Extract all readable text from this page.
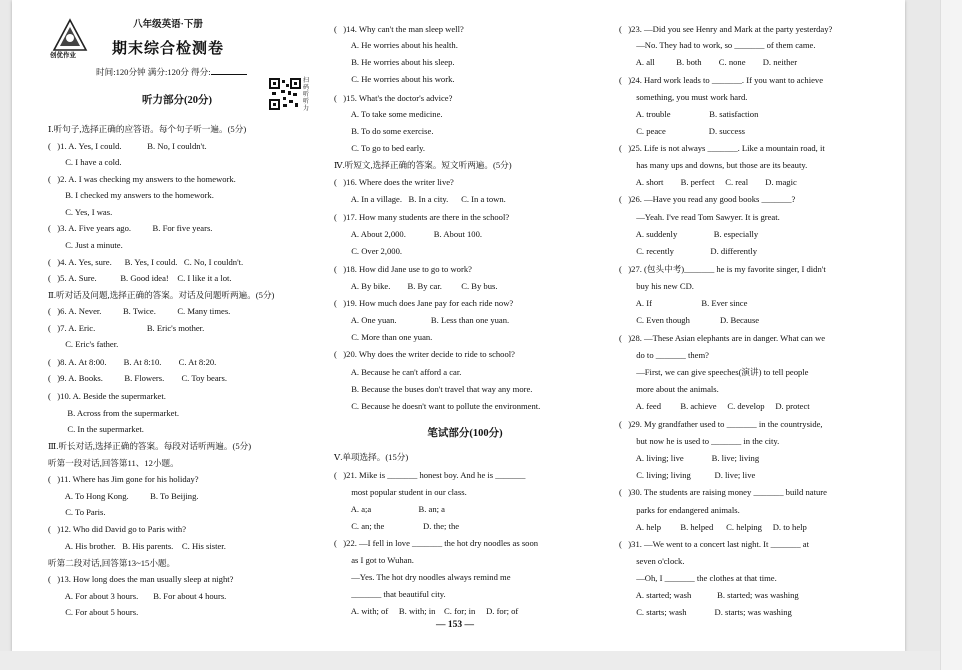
创优作业
八年级英语·下册
期末综合检测卷
时间:120分钟 满分:120分 得分:
扫码听听力
听力部分(20分)
Ⅰ.听句子,选择正确的应答语。每个句子听一遍。(5分)
(   )1. A. Yes, I could.            B. No, I couldn't.
C. I have a cold.
(   )2. A. I was checking my answers to the homework.
B. I checked my answers to the homework.
C. Yes, I was.
(   )3. A. Five years ago.          B. For five years.
C. Just a minute.
(   )4. A. Yes, sure.      B. Yes, I could.   C. No, I couldn't.
(   )5. A. Sure.           B. Good idea!    C. I like it a lot.
Ⅱ.听对话及问题,选择正确的答案。对话及问题听两遍。(5分)
(   )6. A. Never.          B. Twice.          C. Many times.
(   )7. A. Eric.                        B. Eric's mother.
C. Eric's father.
(   )8. A. At 8:00.        B. At 8:10.        C. At 8:20.
(   )9. A. Books.          B. Flowers.        C. Toy bears.
(   )10. A. Beside the supermarket.
B. Across from the supermarket.
C. In the supermarket.
Ⅲ.听长对话,选择正确的答案。每段对话听两遍。(5分)
听第一段对话,回答第11、12小题。
(   )11. Where has Jim gone for his holiday?
A. To Hong Kong.          B. To Beijing.
C. To Paris.
(   )12. Who did David go to Paris with?
A. His brother.   B. His parents.    C. His sister.
听第二段对话,回答第13~15小题。
(   )13. How long does the man usually sleep at night?
A. For about 3 hours.       B. For about 4 hours.
C. For about 5 hours.
(   )14. Why can't the man sleep well?
A. He worries about his health.
B. He worries about his sleep.
C. He worries about his work.
(   )15. What's the doctor's advice?
A. To take some medicine.
B. To do some exercise.
C. To go to bed early.
Ⅳ.听短文,选择正确的答案。短文听两遍。(5分)
(   )16. Where does the writer live?
A. In a village.   B. In a city.      C. In a town.
(   )17. How many students are there in the school?
A. About 2,000.             B. About 100.
C. Over 2,000.
(   )18. How did Jane use to go to work?
A. By bike.        B. By car.         C. By bus.
(   )19. How much does Jane pay for each ride now?
A. One yuan.                B. Less than one yuan.
C. More than one yuan.
(   )20. Why does the writer decide to ride to school?
A. Because he can't afford a car.
B. Because the buses don't travel that way any more.
C. Because he doesn't want to pollute the environment.
笔试部分(100分)
Ⅴ.单项选择。(15分)
(   )21. Mike is _______ honest boy. And he is _______
most popular student in our class.
A. a;a                      B. an; a
C. an; the                  D. the; the
(   )22. —I fell in love _______ the hot dry noodles as soon
as I got to Wuhan.
—Yes. The hot dry noodles always remind me
_______ that beautiful city.
A. with; of     B. with; in    C. for; in     D. for; of
(   )23. —Did you see Henry and Mark at the party yesterday?
—No. They had to work, so _______ of them came.
A. all          B. both        C. none        D. neither
(   )24. Hard work leads to _______. If you want to achieve
something, you must work hard.
A. trouble                  B. satisfaction
C. peace                    D. success
(   )25. Life is not always _______. Like a mountain road, it
has many ups and downs, but those are its beauty.
A. short        B. perfect     C. real        D. magic
(   )26. —Have you read any good books _______?
—Yeah. I've read Tom Sawyer. It is great.
A. suddenly                 B. especially
C. recently                 D. differently
(   )27. (包头中考)_______ he is my favorite singer, I didn't
buy his new CD.
A. If                       B. Ever since
C. Even though              D. Because
(   )28. —These Asian elephants are in danger. What can we
do to _______ them?
—First, we can give speeches(演讲) to tell people
more about the animals.
A. feed         B. achieve     C. develop     D. protect
(   )29. My grandfather used to _______ in the countryside,
but now he is used to _______ in the city.
A. living; live             B. live; living
C. living; living           D. live; live
(   )30. The students are raising money _______ build nature
parks for endangered animals.
A. help         B. helped      C. helping     D. to help
(   )31. —We went to a concert last night. It _______ at
seven o'clock.
—Oh, I _______ the clothes at that time.
A. started; wash            B. started; was washing
C. starts; wash             D. starts; was washing
— 153 —
